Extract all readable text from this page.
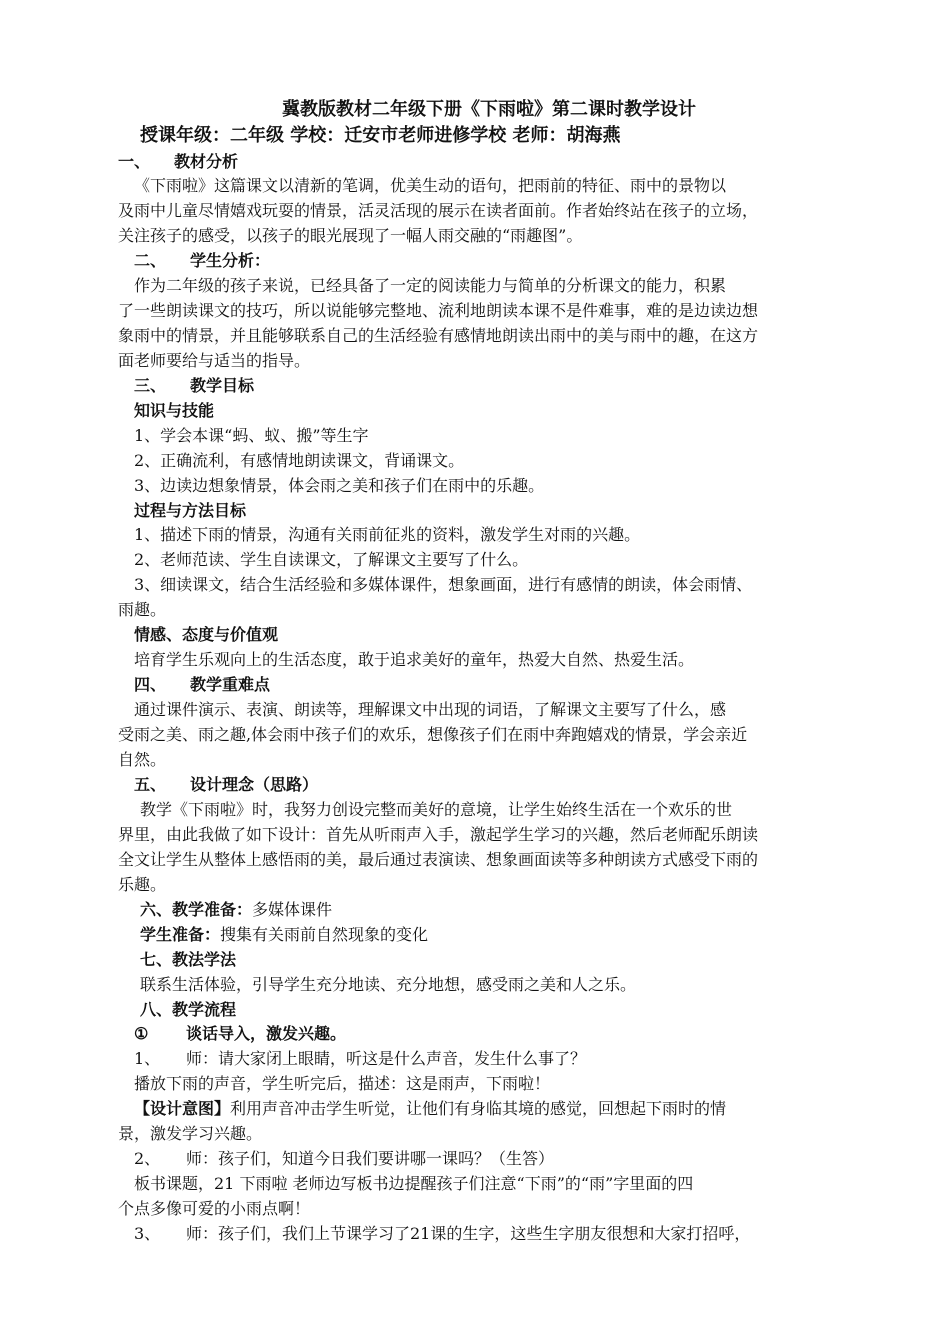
冀教版教材二年级下册《下雨啦》第二课时教学设计
授课年级：二年级 学校：迁安市老师进修学校 老师：胡海燕
一、 教材分析
《下雨啦》这篇课文以清新的笔调，优美生动的语句，把雨前的特征、雨中的景物以
及雨中儿童尽情嬉戏玩耍的情景，活灵活现的展示在读者面前。作者始终站在孩子的立场，
关注孩子的感受，以孩子的眼光展现了一幅人雨交融的“雨趣图”。
二、 学生分析：
作为二年级的孩子来说，已经具备了一定的阅读能力与简单的分析课文的能力，积累
了一些朗读课文的技巧，所以说能够完整地、流利地朗读本课不是件难事，难的是边读边想
象雨中的情景，并且能够联系自己的生活经验有感情地朗读出雨中的美与雨中的趣，在这方
面老师要给与适当的指导。
三、 教学目标
知识与技能
1、学会本课“蚂、蚁、搬”等生字
2、正确流利，有感情地朗读课文，背诵课文。
3、边读边想象情景，体会雨之美和孩子们在雨中的乐趣。
过程与方法目标
1、描述下雨的情景，沟通有关雨前征兆的资料，激发学生对雨的兴趣。
2、老师范读、学生自读课文，了解课文主要写了什么。
3、细读课文，结合生活经验和多媒体课件，想象画面，进行有感情的朗读，体会雨情、
雨趣。
情感、态度与价值观
培育学生乐观向上的生活态度，敢于追求美好的童年，热爱大自然、热爱生活。
四、 教学重难点
通过课件演示、表演、朗读等，理解课文中出现的词语，了解课文主要写了什么，感
受雨之美、雨之趣,体会雨中孩子们的欢乐，想像孩子们在雨中奔跑嬉戏的情景，学会亲近
自然。
五、 设计理念（思路）
教学《下雨啦》时，我努力创设完整而美好的意境，让学生始终生活在一个欢乐的世
界里，由此我做了如下设计：首先从听雨声入手，激起学生学习的兴趣，然后老师配乐朗读
全文让学生从整体上感悟雨的美，最后通过表演读、想象画面读等多种朗读方式感受下雨的
乐趣。
六、教学准备：多媒体课件
学生准备：搜集有关雨前自然现象的变化
七、教法学法
联系生活体验，引导学生充分地读、充分地想，感受雨之美和人之乐。
八、教学流程
① 谈话导入，激发兴趣。
1、 师：请大家闭上眼睛，听这是什么声音，发生什么事了？
播放下雨的声音，学生听完后，描述：这是雨声，下雨啦！
【设计意图】利用声音冲击学生听觉，让他们有身临其境的感觉，回想起下雨时的情
景，激发学习兴趣。
2、 师：孩子们，知道今日我们要讲哪一课吗？（生答）
板书课题，21 下雨啦 老师边写板书边提醒孩子们注意“下雨”的“雨”字里面的四
个点多像可爱的小雨点啊！
3、 师：孩子们，我们上节课学习了21课的生字，这些生字朋友很想和大家打招呼，
